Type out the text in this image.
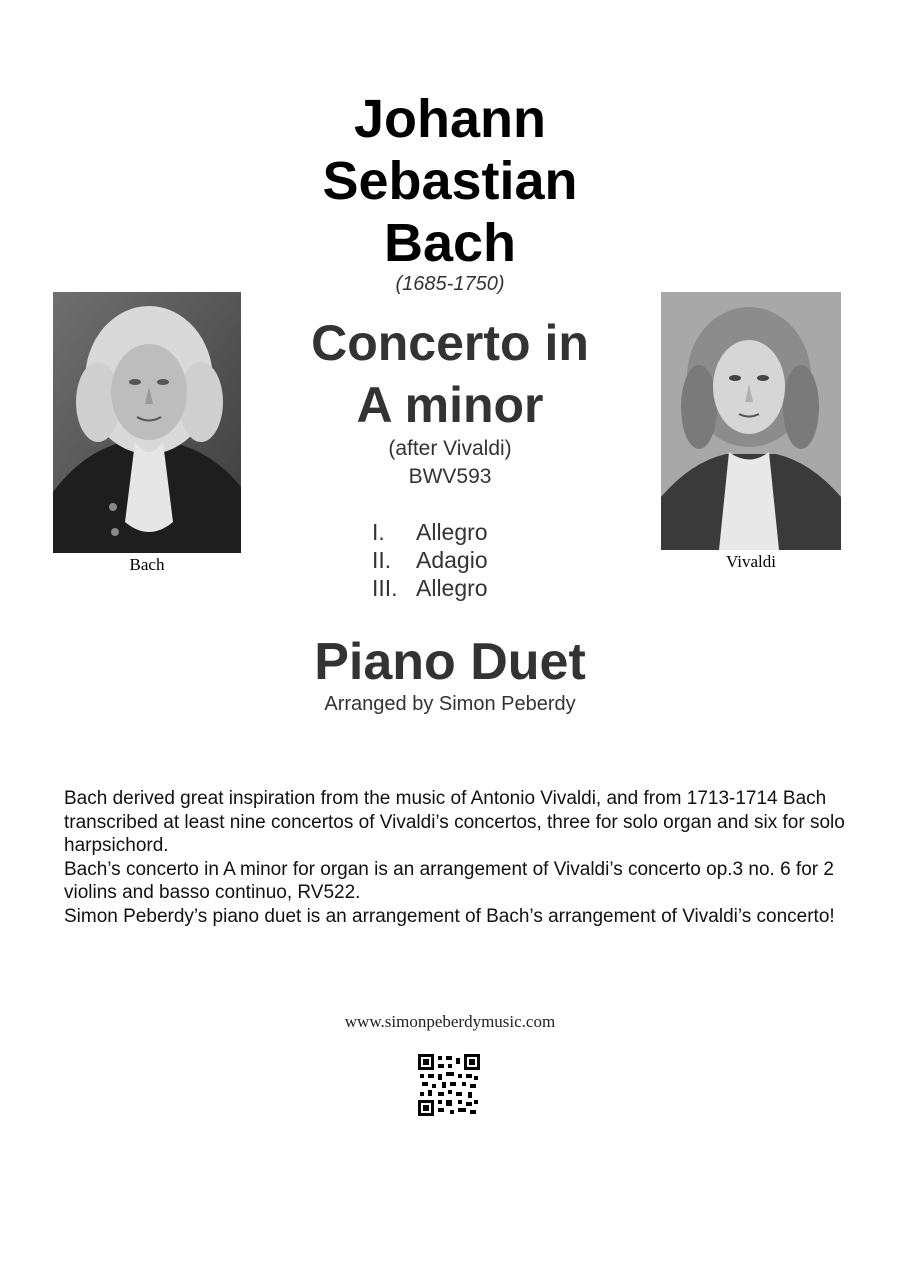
Johann
Sebastian
Bach
(1685-1750)
Concerto in
A minor
(after Vivaldi)
BWV593
I. Allegro
II. Adagio
III. Allegro
Bach	Vivaldi
Piano Duet
Arranged by Simon Peberdy

Bach derived great inspiration from the music of Antonio Vivaldi, and from 1713-1714 Bach transcribed at least nine concertos of Vivaldi’s concertos, three for solo organ and six for solo harpsichord.

Bach’s concerto in A minor for organ is an arrangement of Vivaldi’s concerto op.3 no. 6 for 2 violins and basso continuo, RV522.

Simon Peberdy’s piano duet is an arrangement of Bach’s arrangement of Vivaldi’s concerto!

www.simonpeberdymusic.com
